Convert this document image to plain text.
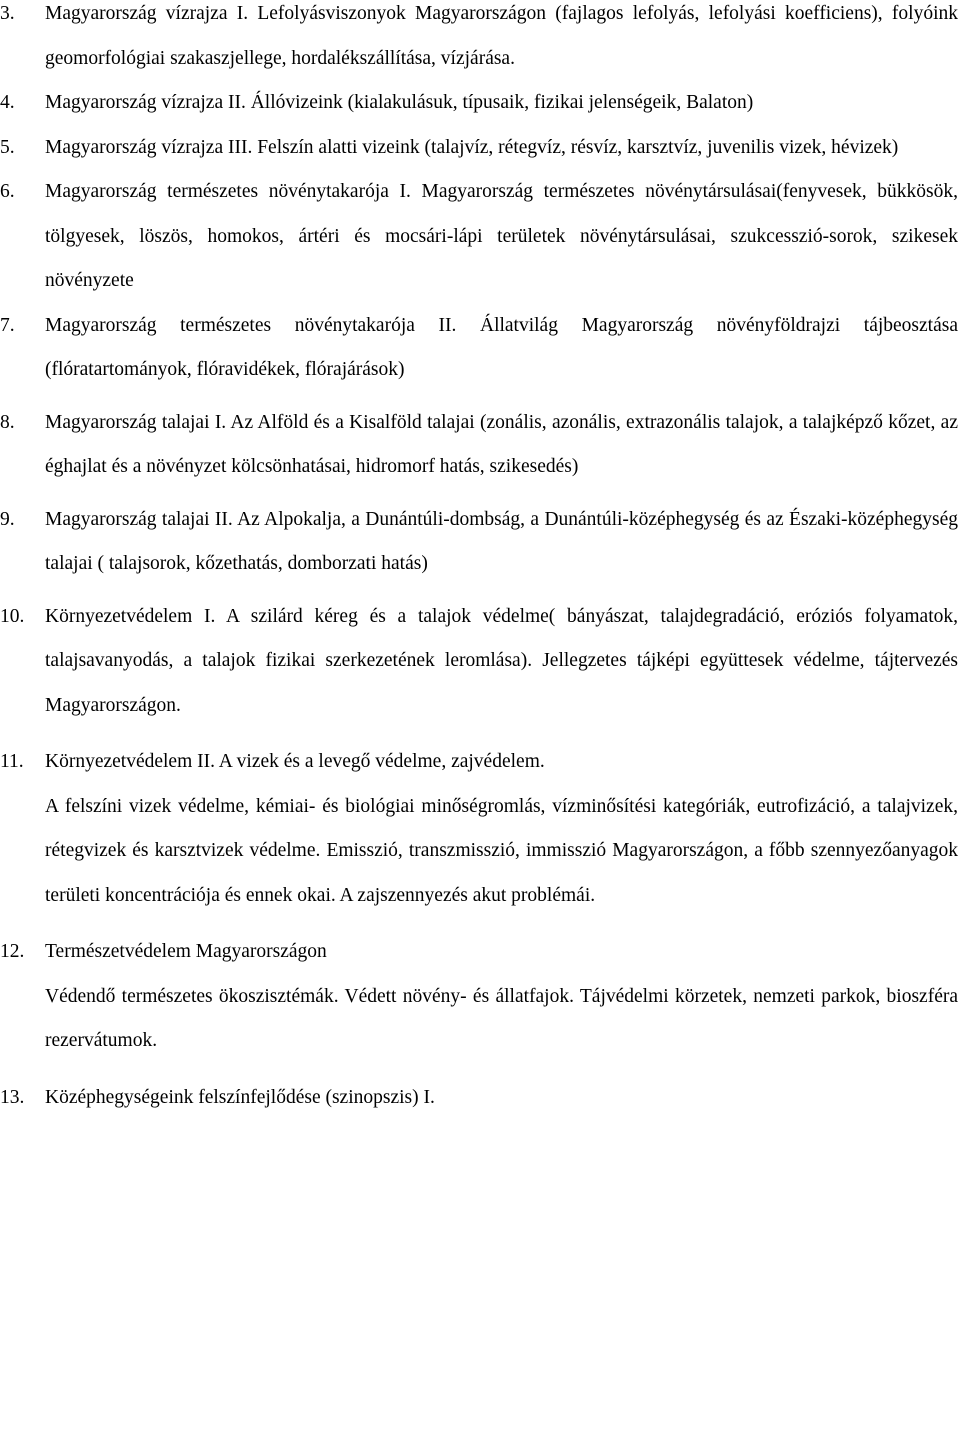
3. Magyarország vízrajza I. Lefolyásviszonyok Magyarországon (fajlagos lefolyás, lefolyási koefficiens), folyóink geomorfológiai szakaszjellege, hordalékszállítása, vízjárása.
4. Magyarország vízrajza II. Állóvizeink (kialakulásuk, típusaik, fizikai jelenségeik, Balaton)
5. Magyarország vízrajza III. Felszín alatti vizeink (talajvíz, rétegvíz, résvíz, karsztvíz, juvenilis vizek, hévizek)
6. Magyarország természetes növénytakarója I. Magyarország természetes növénytársulásai(fenyvesek, bükkösök, tölgyesek, löszös, homokos, ártéri és mocsári-lápi területek növénytársulásai, szukcesszió-sorok, szikesek növényzete
7. Magyarország természetes növénytakarója II. Állatvilág Magyarország növényföldrajzi tájbeosztása (flóratartományok, flóravidékek, flórajárások)
8. Magyarország talajai I. Az Alföld és a Kisalföld talajai (zonális, azonális, extrazonális talajok, a talajképző kőzet, az éghajlat és a növényzet kölcsönhatásai, hidromorf hatás, szikesedés)
9. Magyarország talajai II. Az Alpokalja, a Dunántúli-dombság, a Dunántúli-középhegység és az Északi-középhegység talajai ( talajsorok, kőzethatás, domborzati hatás)
10. Környezetvédelem I. A szilárd kéreg és a talajok védelme( bányászat, talajdegradáció, eróziós folyamatok, talajsavanyodás, a talajok fizikai szerkezetének leromlása). Jellegzetes tájképi együttesek védelme, tájtervezés Magyarországon.
11. Környezetvédelem II. A vizek és a levegő védelme, zajvédelem.
A felszíni vizek védelme, kémiai- és biológiai minőségromlás, vízminősítési kategóriák, eutrofizáció, a talajvizek, rétegvizek és karsztvizek védelme. Emisszió, transzmisszió, immisszió Magyarországon, a főbb szennyezőanyagok területi koncentrációja és ennek okai. A zajszennyezés akut problémái.
12. Természetvédelem Magyarországon
Védendő természetes ökoszisztémák. Védett növény- és állatfajok. Tájvédelmi körzetek, nemzeti parkok, bioszféra rezervátumok.
13. Középhegységeink felszínfejlődése (szinopszis) I.
